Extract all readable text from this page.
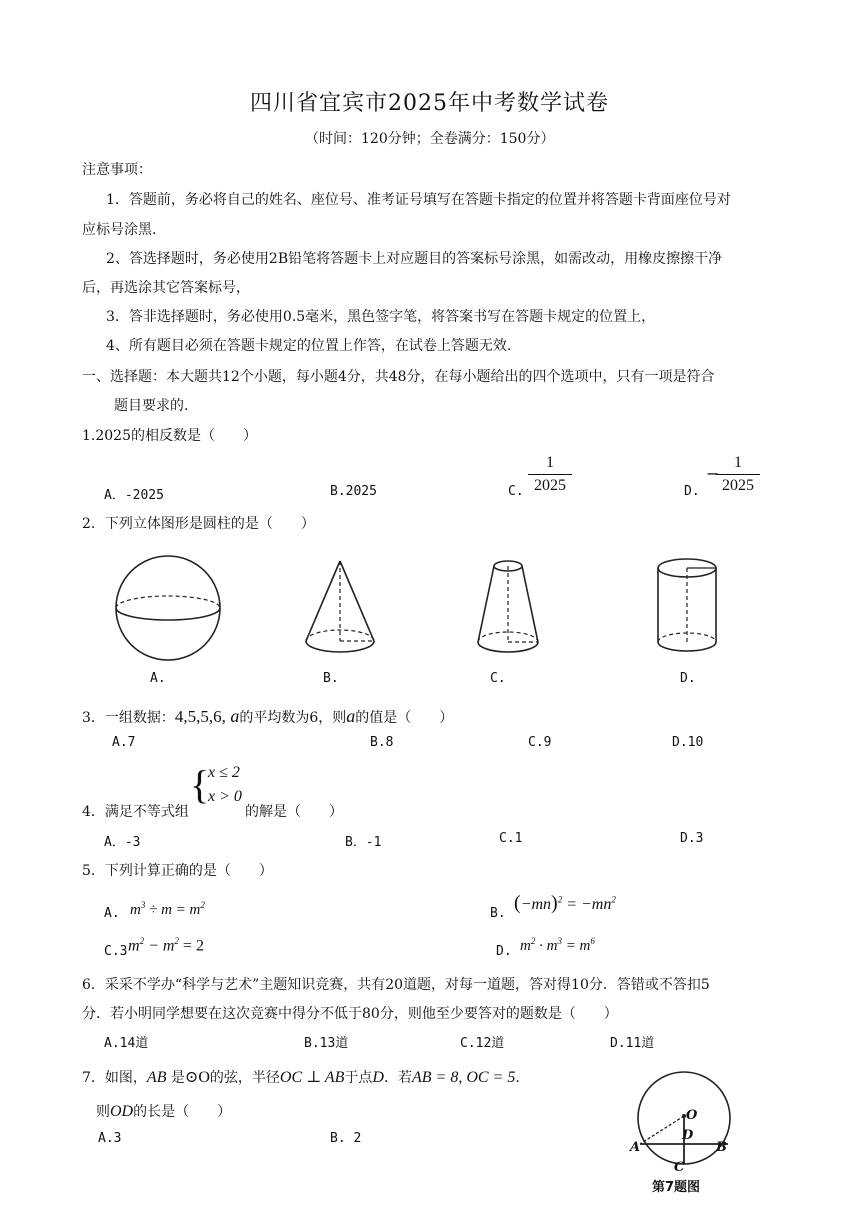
四川省宜宾市2025年中考数学试卷
（时间：120分钟；全卷满分：150分）
注意事项：
1．答题前，务必将自己的姓名、座位号、准考证号填写在答题卡指定的位置并将答题卡背面座位号对
应标号涂黑.
2、答选择题时，务必使用2B铅笔将答题卡上对应题目的答案标号涂黑，如需改动，用橡皮擦擦干净
后，再选涂其它答案标号，
3．答非选择题时，务必使用0.5毫米，黑色签字笔，将答案书写在答题卡规定的位置上，
4、所有题目必须在答题卡规定的位置上作答，在试卷上答题无效.
一、选择题：本大题共12个小题，每小题4分，共48分，在每小题给出的四个选项中，只有一项是符合
题目要求的.
1.2025的相反数是（　　）
A．-2025	B.2025	C.
1
2025	D.
−
1
2025
2．下列立体图形是圆柱的是（　　）
A.	B.	C.	D.
3．一组数据：4,5,5,6, a的平均数为6，则a的值是（　　）
A.7	B.8	C.9	D.10
4．满足不等式组
{
x ≤ 2
x > 0
的解是（　　）
A．-3	B．-1	C.1	D.3
5．下列计算正确的是（　　）
A. $m^3 \div m = m^2$
B. $(-mn)^2 = -mn^2$
C.3 $m^2 - m^2 = 2$	D. $m^2 \cdot m^3 = m^6$
6．采采不学办“科学与艺术”主题知识竞赛，共有20道题，对每一道题，答对得10分．答错或不答扣5
分．若小明同学想要在这次竞赛中得分不低于80分，则他至少要答对的题数是（　　）
A.14道	B.13道	C.12道	D.11道
7．如图，AB 是⊙O的弦，半径OC ⊥ AB于点D．若AB = 8, OC = 5.
则OD的长是（　　）
A.3	B. 2
O
D
A	B
C
第7题图
